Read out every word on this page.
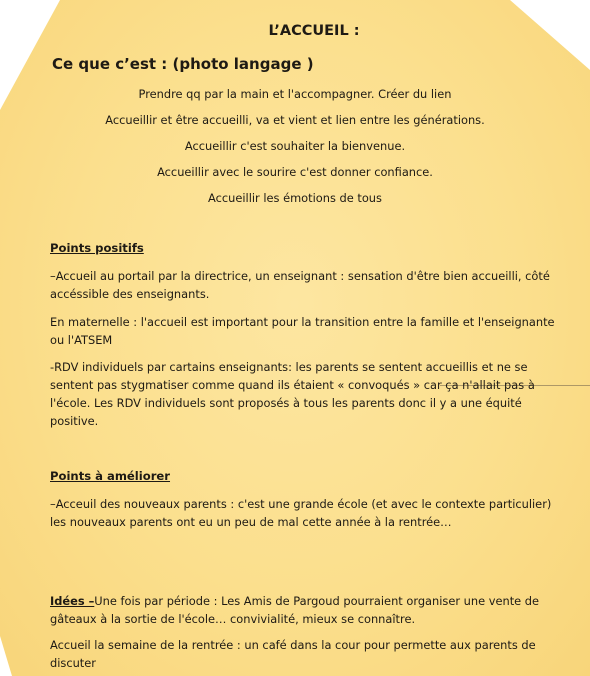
L’ACCUEIL :
Ce que c’est : (photo langage )
Prendre qq par la main et l'accompagner. Créer du lien
Accueillir et être accueilli, va et vient et lien entre les générations.
Accueillir c'est souhaiter la bienvenue.
Accueillir avec le sourire c'est donner confiance.
Accueillir les émotions de tous
Points positifs
–Accueil au portail par la directrice, un enseignant : sensation d'être bien accueilli, côté accéssible des enseignants.
En maternelle : l'accueil est important pour la transition entre la famille et l'enseignante ou l'ATSEM
-RDV individuels par cartains enseignants: les parents se sentent accueillis et ne se sentent pas stygmatiser comme quand ils étaient « convoqués » car ça n'allait pas à l'école. Les RDV individuels sont proposés à tous les parents donc il y a une équité positive.
Points à améliorer
–Acceuil des nouveaux parents : c'est une grande école (et avec le contexte particulier) les nouveaux parents ont eu un peu de mal cette année à la rentrée…
Idées –Une fois par période : Les Amis de Pargoud pourraient organiser une vente de gâteaux à la sortie de l'école… convivialité, mieux se connaître.
Accueil la semaine de la rentrée : un café dans la cour pour permette aux parents de discuter
